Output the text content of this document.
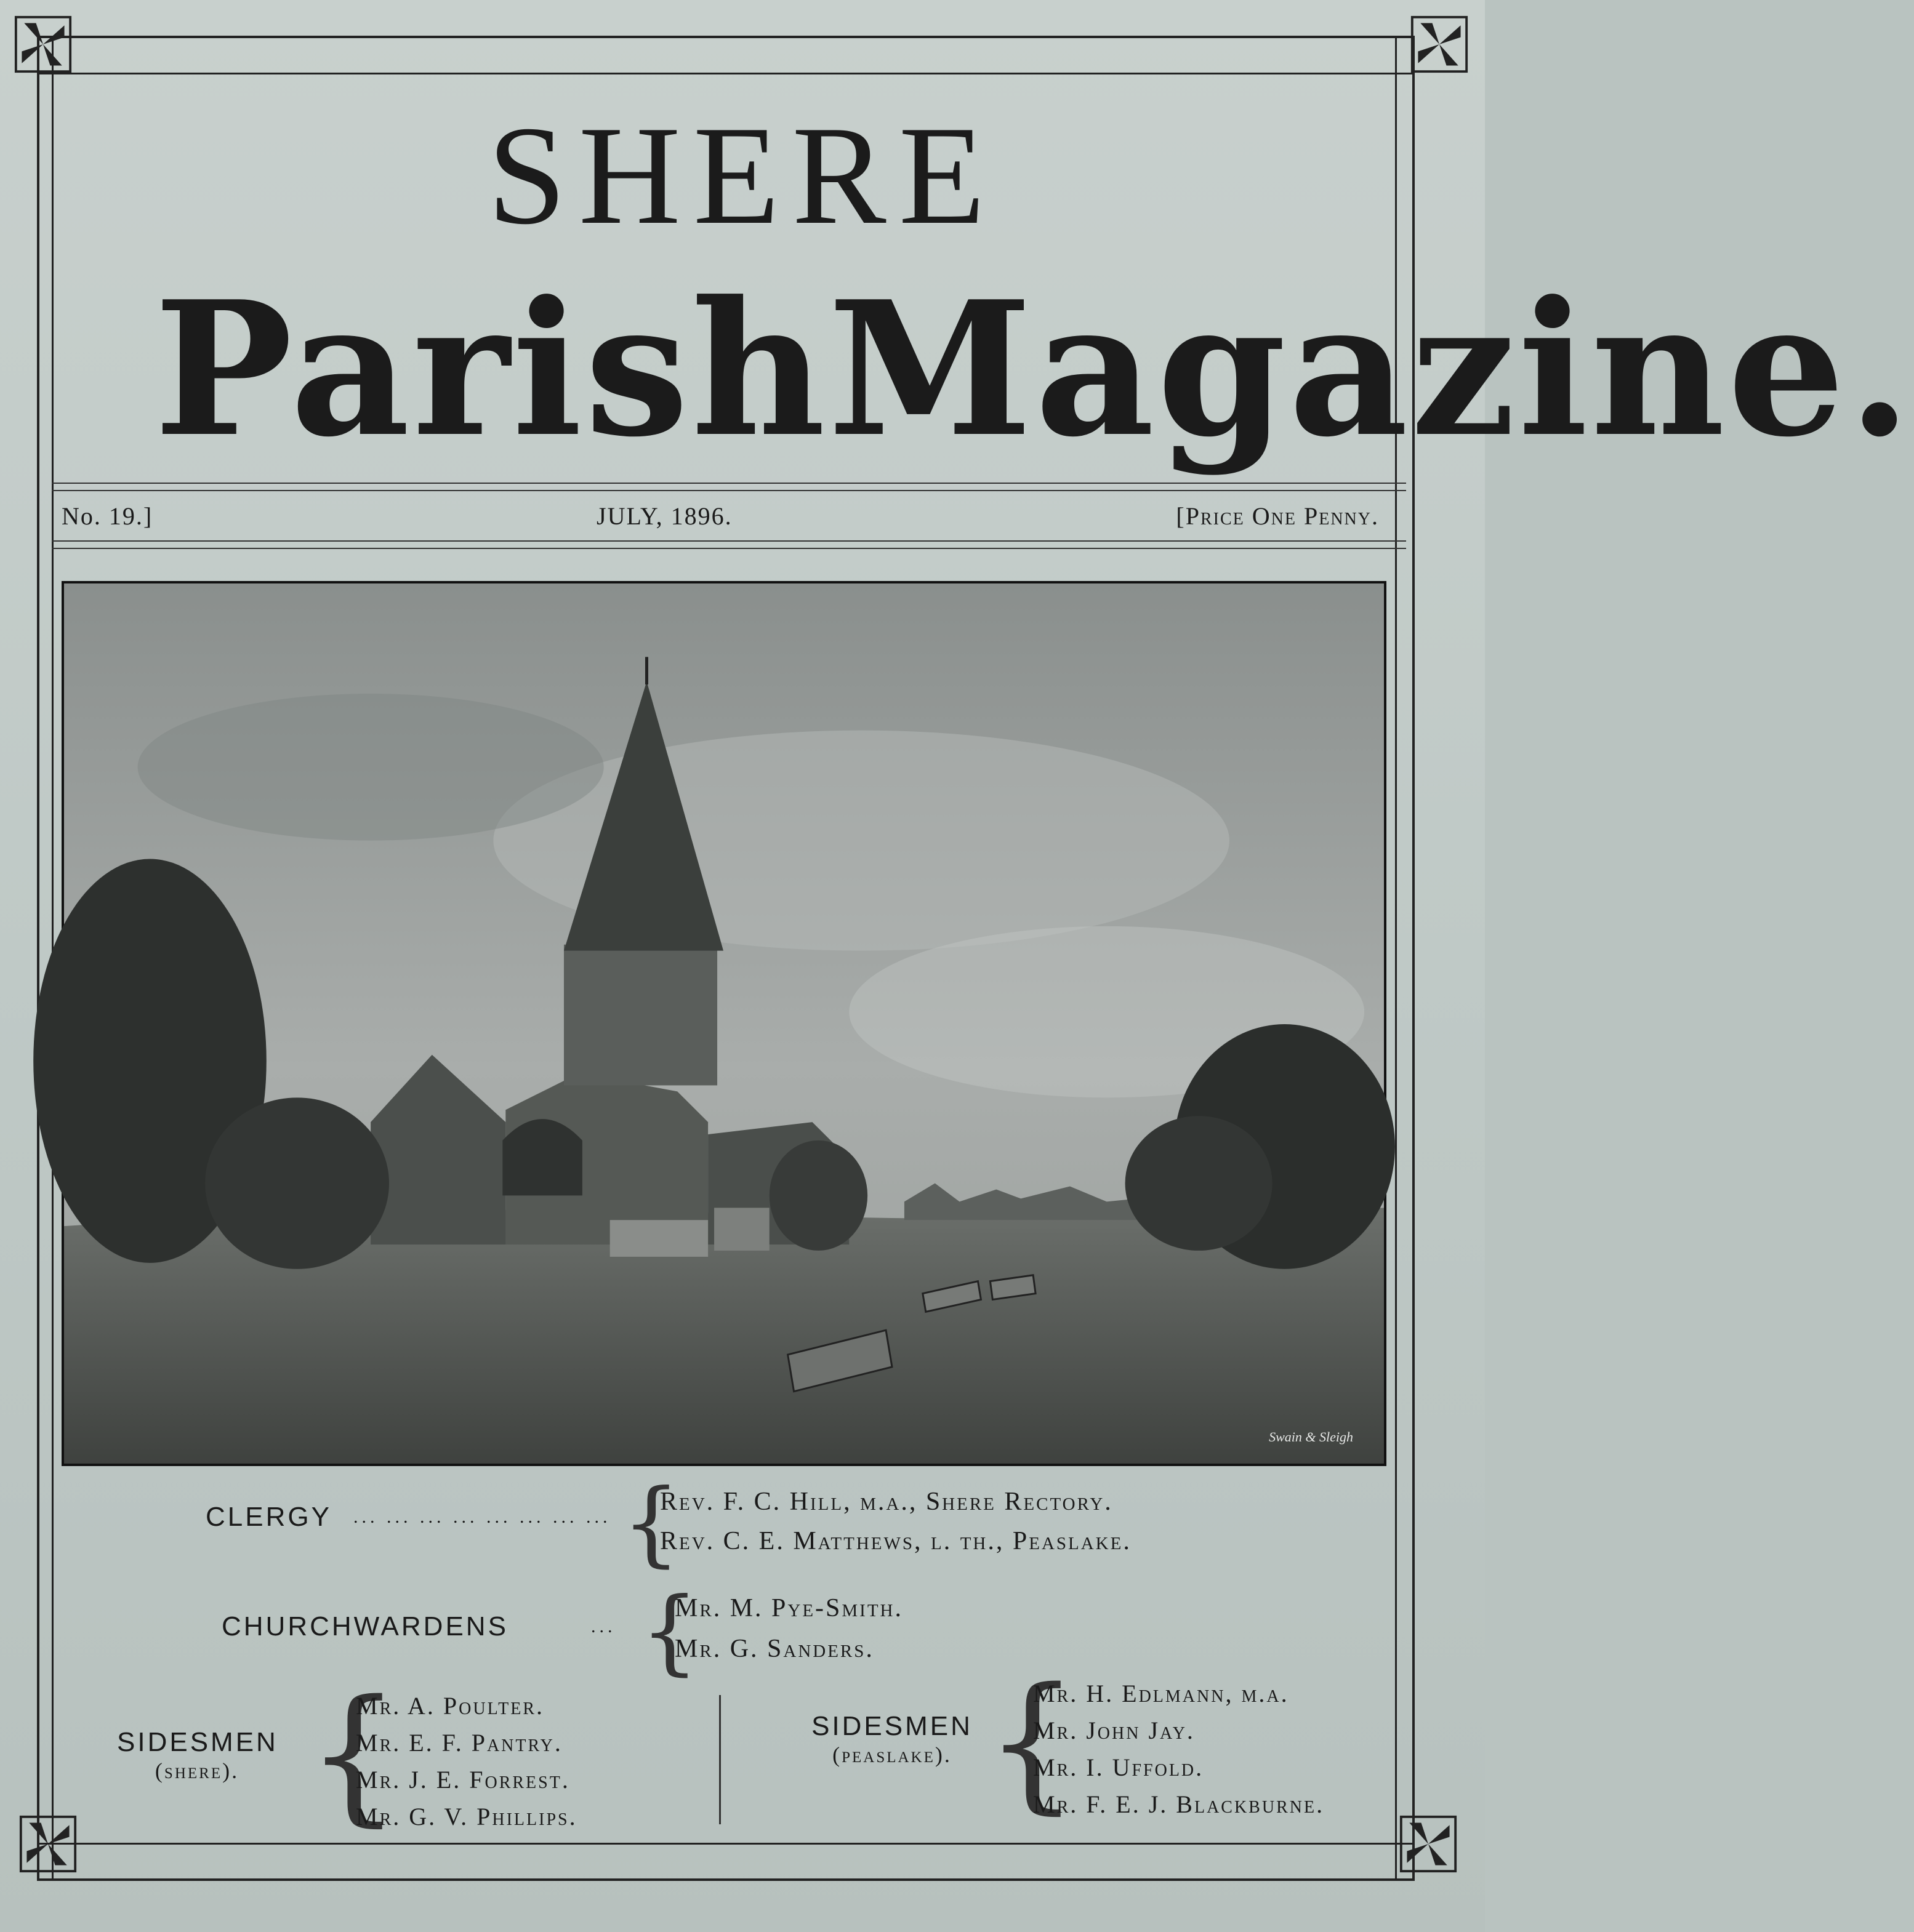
SHERE
Parish Magazine.
No. 19.]	JULY, 1896.	[Price One Penny.
Swain & Sleigh
CLERGY ... ... ... ... ... ... ... ... {
Rev. F. C. Hill, m.a., Shere Rectory.
Rev. C. E. Matthews, l. th., Peaslake.
CHURCHWARDENS	... {
Mr. M. Pye-Smith.
Mr. G. Sanders.
SIDESMEN
(shere). {
Mr. A. Poulter.
Mr. E. F. Pantry.
Mr. J. E. Forrest.
Mr. G. V. Phillips.
SIDESMEN
(peaslake). {
Mr. H. Edlmann, m.a.
Mr. John Jay.
Mr. I. Uffold.
Mr. F. E. J. Blackburne.
